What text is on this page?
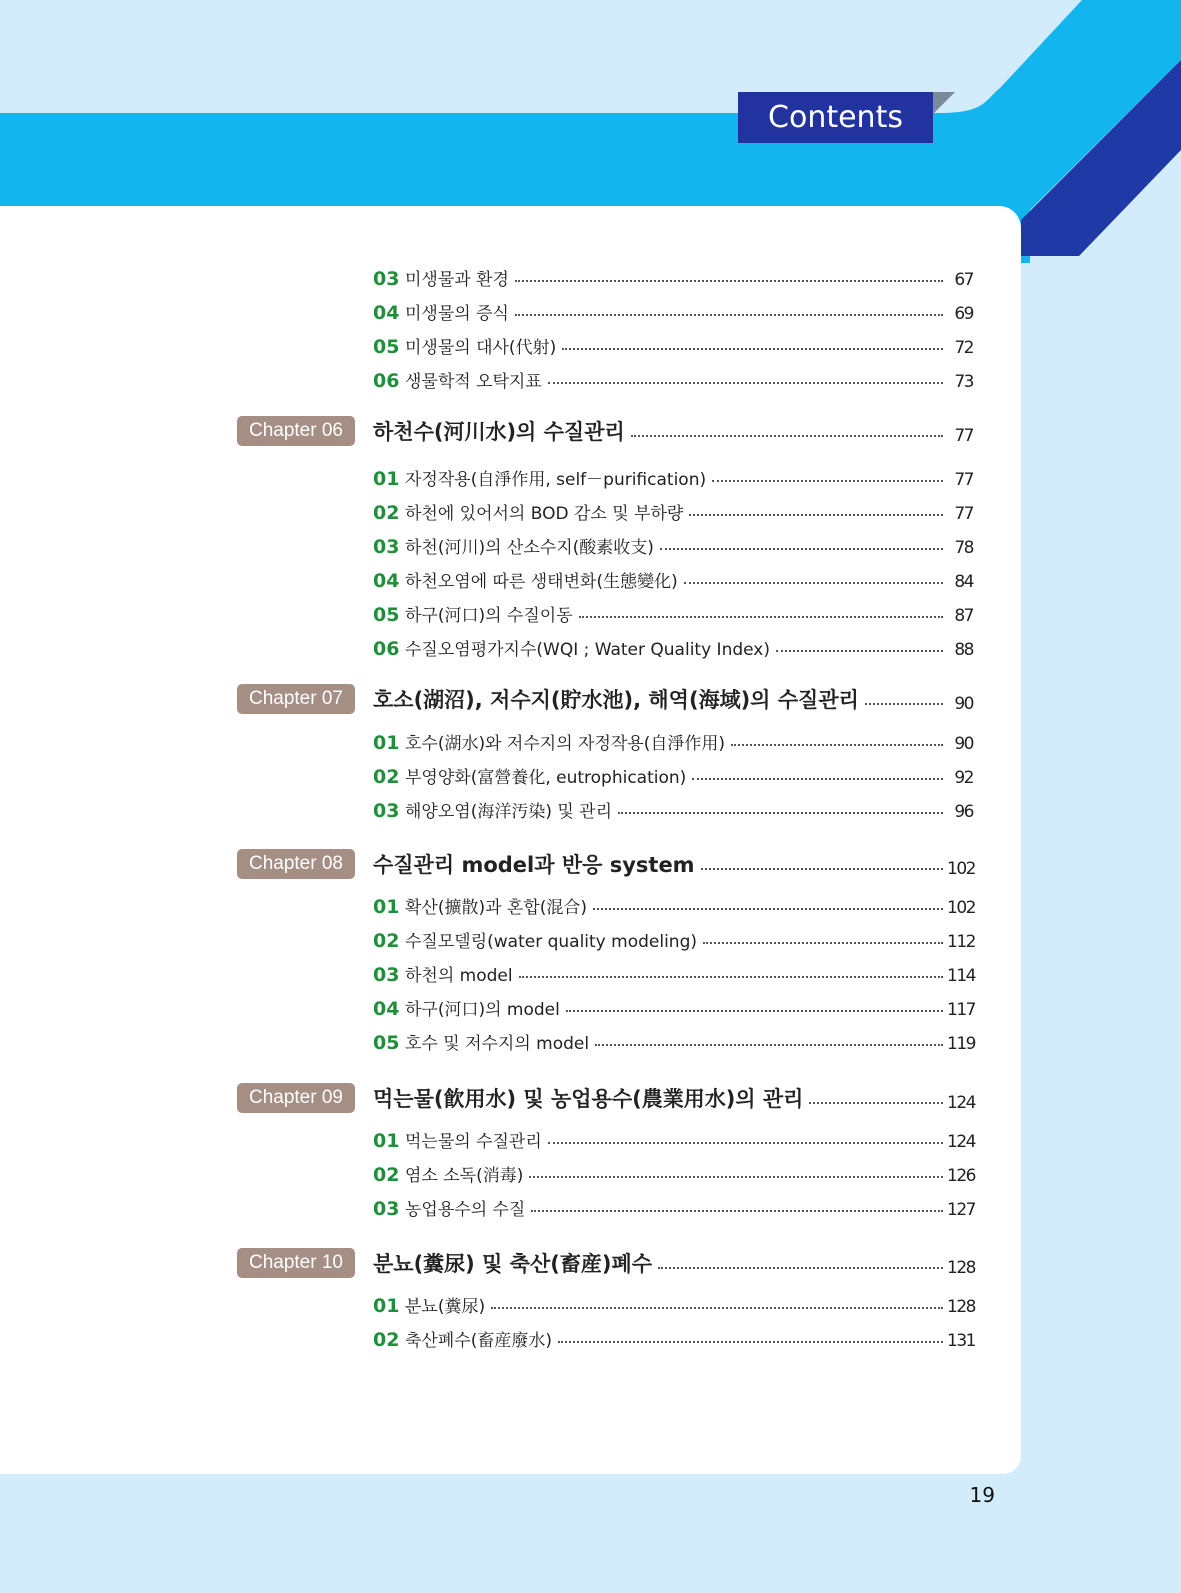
Contents
03 미생물과 환경	67
04 미생물의 증식	69
05 미생물의 대사(代射)	72
06 생물학적 오탁지표	73
Chapter 06	하천수(河川水)의 수질관리	77
01 자정작용(自淨作用, self－purification)	77
02 하천에 있어서의 BOD 감소 및 부하량	77
03 하천(河川)의 산소수지(酸素收支)	78
04 하천오염에 따른 생태변화(生態變化)	84
05 하구(河口)의 수질이동	87
06 수질오염평가지수(WQI ; Water Quality Index)	88
Chapter 07	호소(湖沼), 저수지(貯水池), 해역(海域)의 수질관리	90
01 호수(湖水)와 저수지의 자정작용(自淨作用)	90
02 부영양화(富營養化, eutrophication)	92
03 해양오염(海洋汚染) 및 관리	96
Chapter 08	수질관리 model과 반응 system	102
01 확산(擴散)과 혼합(混合)	102
02 수질모델링(water quality modeling)	112
03 하천의 model	114
04 하구(河口)의 model	117
05 호수 및 저수지의 model	119
Chapter 09	먹는물(飮用水) 및 농업용수(農業用水)의 관리	124
01 먹는물의 수질관리	124
02 염소 소독(消毒)	126
03 농업용수의 수질	127
Chapter 10	분뇨(糞尿) 및 축산(畜産)폐수	128
01 분뇨(糞尿)	128
02 축산폐수(畜産廢水)	131
19
